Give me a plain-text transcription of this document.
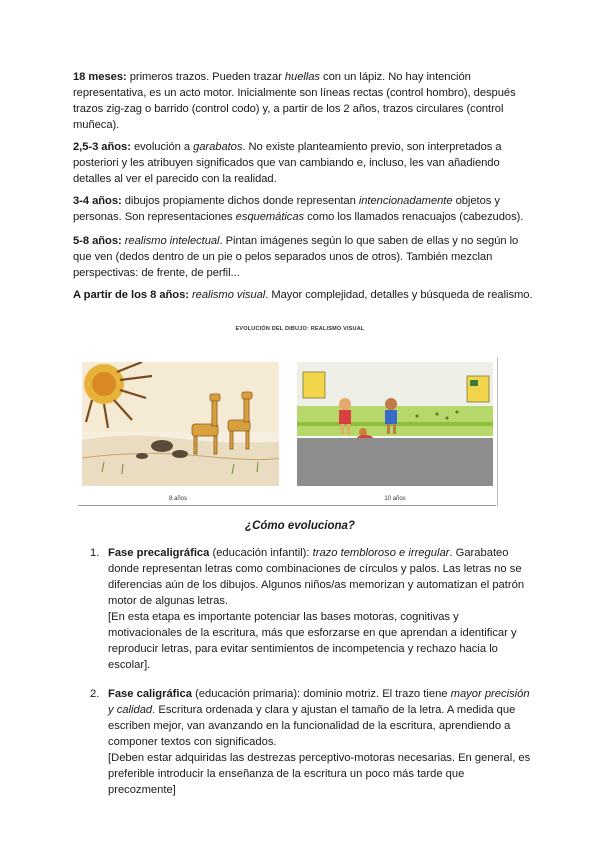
18 meses: primeros trazos. Pueden trazar huellas con un lápiz. No hay intención representativa, es un acto motor. Inicialmente son líneas rectas (control hombro), después trazos zig-zag o barrido (control codo) y, a partir de los 2 años, trazos circulares (control muñeca).

2,5-3 años: evolución a garabatos. No existe planteamiento previo, son interpretados a posteriori y les atribuyen significados que van cambiando e, incluso, les van añadiendo detalles al ver el parecido con la realidad.

3-4 años: dibujos propiamente dichos donde representan intencionadamente objetos y personas. Son representaciones esquemáticas como los llamados renacuajos (cabezudos).

5-8 años: realismo intelectual. Pintan imágenes según lo que saben de ellas y no según lo que ven (dedos dentro de un pie o pelos separados unos de otros). También mezclan perspectivas: de frente, de perfil...

A partir de los 8 años: realismo visual. Mayor complejidad, detalles y búsqueda de realismo.

EVOLUCIÓN DEL DIBUJO: REALISMO VISUAL
8 años	10 años
¿Cómo evoluciona?
1. Fase precaligráfica (educación infantil): trazo tembloroso e irregular. Garabateo donde representan letras como combinaciones de círculos y palos. Las letras no se diferencias aún de los dibujos. Algunos niños/as memorizan y automatizan el patrón motor de algunas letras.
[En esta etapa es importante potenciar las bases motoras, cognitivas y motivacionales de la escritura, más que esforzarse en que aprendan a identificar y reproducir letras, para evitar sentimientos de incompetencia y rechazo hacia lo escolar].
2. Fase caligráfica (educación primaria): dominio motriz. El trazo tiene mayor precisión y calidad. Escritura ordenada y clara y ajustan el tamaño de la letra. A medida que escriben mejor, van avanzando en la funcionalidad de la escritura, aprendiendo a componer textos con significados.
[Deben estar adquiridas las destrezas perceptivo-motoras necesarias. En general, es preferible introducir la enseñanza de la escritura un poco más tarde que precozmente]
